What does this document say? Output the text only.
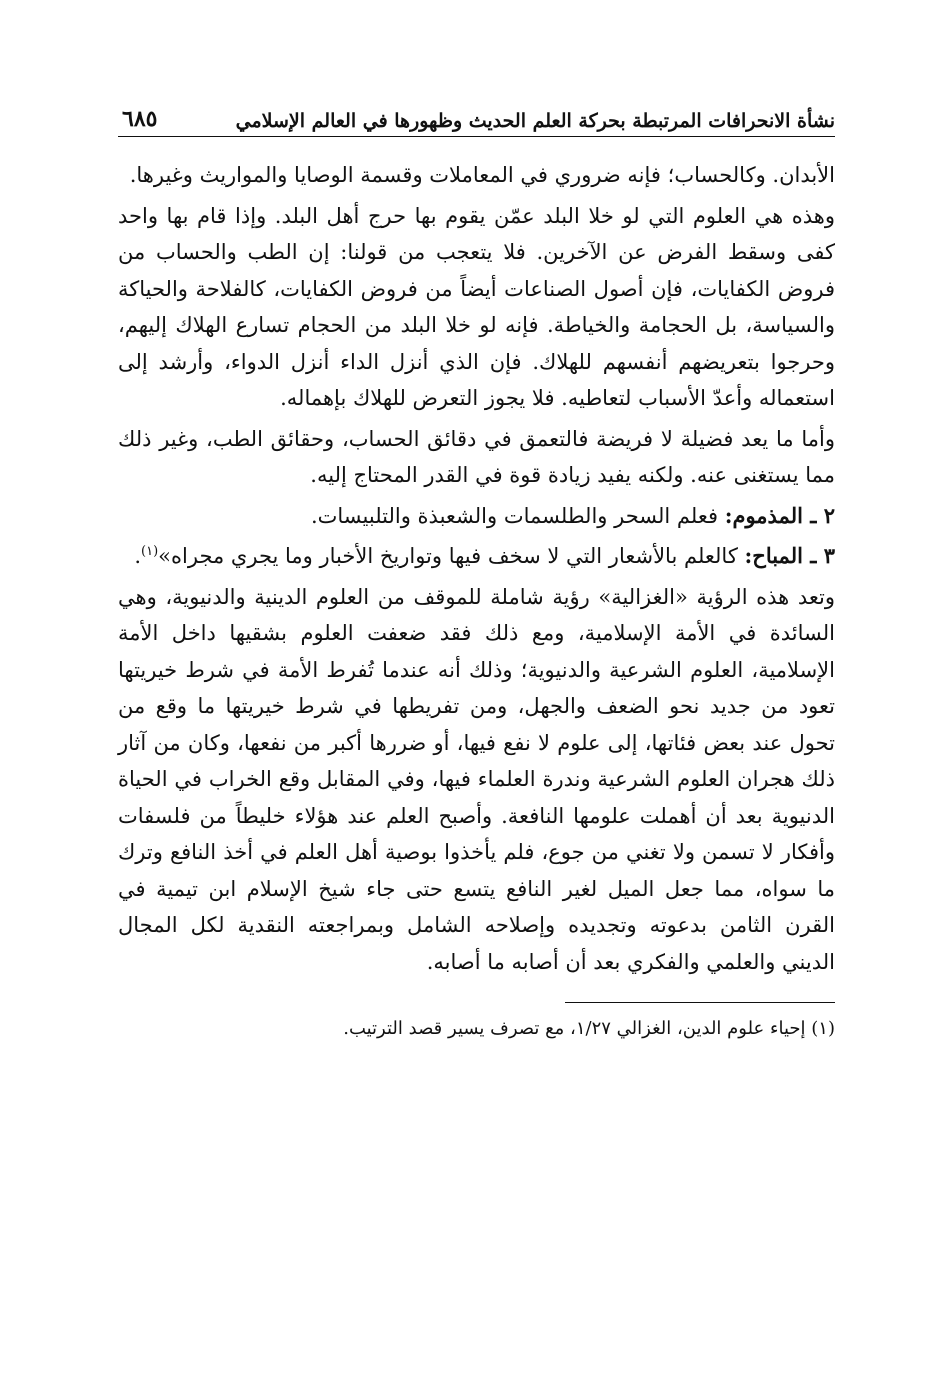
نشأة الانحرافات المرتبطة بحركة العلم الحديث وظهورها في العالم الإسلامي
٦٨٥

الأبدان. وكالحساب؛ فإنه ضروري في المعاملات وقسمة الوصايا والمواريث وغيرها.

وهذه هي العلوم التي لو خلا البلد عمّن يقوم بها حرج أهل البلد. وإذا قام بها واحد كفى وسقط الفرض عن الآخرين. فلا يتعجب من قولنا: إن الطب والحساب من فروض الكفايات، فإن أصول الصناعات أيضاً من فروض الكفايات، كالفلاحة والحياكة والسياسة، بل الحجامة والخياطة. فإنه لو خلا البلد من الحجام تسارع الهلاك إليهم، وحرجوا بتعريضهم أنفسهم للهلاك. فإن الذي أنزل الداء أنزل الدواء، وأرشد إلى استعماله وأعدّ الأسباب لتعاطيه. فلا يجوز التعرض للهلاك بإهماله.

وأما ما يعد فضيلة لا فريضة فالتعمق في دقائق الحساب، وحقائق الطب، وغير ذلك مما يستغنى عنه. ولكنه يفيد زيادة قوة في القدر المحتاج إليه.

٢ ـ المذموم: فعلم السحر والطلسمات والشعبذة والتلبيسات.

٣ ـ المباح: كالعلم بالأشعار التي لا سخف فيها وتواريخ الأخبار وما يجري مجراه»$^{(١)}$.

وتعد هذه الرؤية «الغزالية» رؤية شاملة للموقف من العلوم الدينية والدنيوية، وهي السائدة في الأمة الإسلامية، ومع ذلك فقد ضعفت العلوم بشقيها داخل الأمة الإسلامية، العلوم الشرعية والدنيوية؛ وذلك أنه عندما تُفرط الأمة في شرط خيريتها تعود من جديد نحو الضعف والجهل، ومن تفريطها في شرط خيريتها ما وقع من تحول عند بعض فئاتها، إلى علوم لا نفع فيها، أو ضررها أكبر من نفعها، وكان من آثار ذلك هجران العلوم الشرعية وندرة العلماء فيها، وفي المقابل وقع الخراب في الحياة الدنيوية بعد أن أهملت علومها النافعة. وأصبح العلم عند هؤلاء خليطاً من فلسفات وأفكار لا تسمن ولا تغني من جوع، فلم يأخذوا بوصية أهل العلم في أخذ النافع وترك ما سواه، مما جعل الميل لغير النافع يتسع حتى جاء شيخ الإسلام ابن تيمية في القرن الثامن بدعوته وتجديده وإصلاحه الشامل وبمراجعته النقدية لكل المجال الديني والعلمي والفكري بعد أن أصابه ما أصابه.

(١) إحياء علوم الدين، الغزالي ١/٢٧، مع تصرف يسير قصد الترتيب.
